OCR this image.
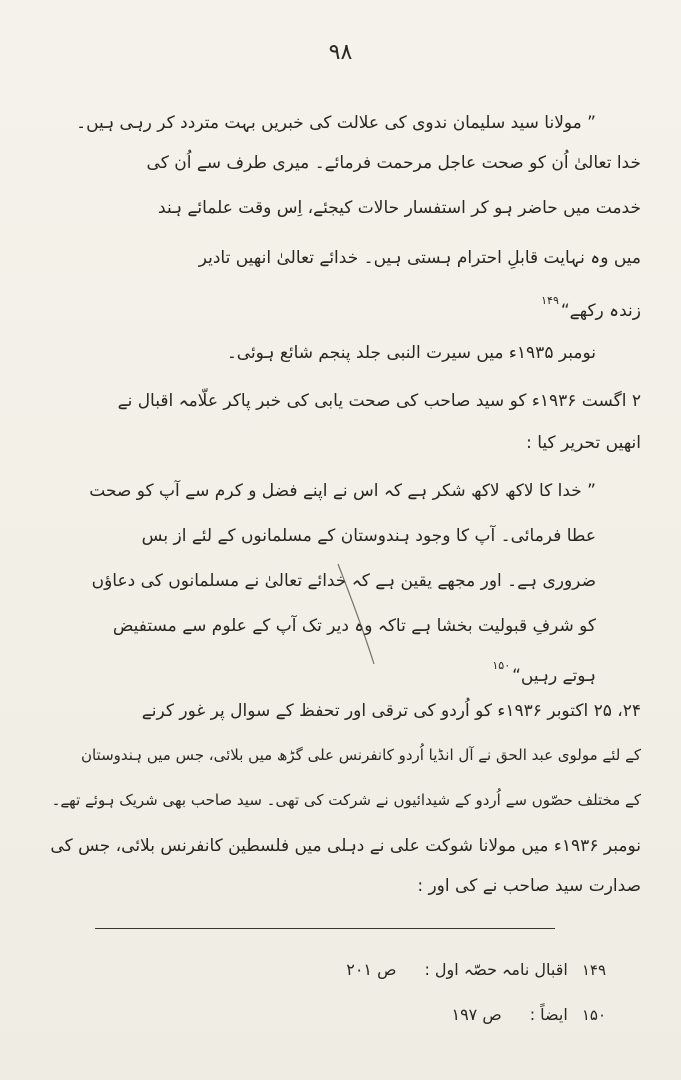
۹۸
” مولانا سید سلیمان ندوی کی علالت کی خبریں بہت متردد کر رہی ہیں۔
خدا تعالیٰ اُن کو صحت عاجل مرحمت فرمائے۔ میری طرف سے اُن کی
خدمت میں حاضر ہو کر استفسار حالات کیجئے، اِس وقت علمائے ہند
میں وہ نہایت قابلِ احترام ہستی ہیں۔ خدائے تعالیٰ انھیں تادیر
زندہ رکھے“$^{۱۴۹}$
نومبر ۱۹۳۵ء میں سیرت النبی جلد پنجم شائع ہوئی۔
۲ اگست ۱۹۳۶ء کو سید صاحب کی صحت یابی کی خبر پاکر علّامہ اقبال نے
انھیں تحریر کیا :
” خدا کا لاکھ لاکھ شکر ہے کہ اس نے اپنے فضل و کرم سے آپ کو صحت
عطا فرمائی۔ آپ کا وجود ہندوستان کے مسلمانوں کے لئے از بس
ضروری ہے۔ اور مجھے یقین ہے کہ خدائے تعالیٰ نے مسلمانوں کی دعاؤں
کو شرفِ قبولیت بخشا ہے تاکہ وہ دیر تک آپ کے علوم سے مستفیض
ہوتے رہیں“$^{۱۵۰}$
۲۴، ۲۵ اکتوبر ۱۹۳۶ء کو اُردو کی ترقی اور تحفظ کے سوال پر غور کرنے
کے لئے مولوی عبد الحق نے آل انڈیا اُردو کانفرنس علی گڑھ میں بلائی، جس میں ہندوستان
کے مختلف حصّوں سے اُردو کے شیدائیوں نے شرکت کی تھی۔ سید صاحب بھی شریک ہوئے تھے۔
نومبر ۱۹۳۶ء میں مولانا شوکت علی نے دہلی میں فلسطین کانفرنس بلائی، جس کی
صدارت سید صاحب نے کی اور :
۱۴۹اقبال نامہ حصّہ اول :ص ۲۰۱
۱۵۰ایضاً :ص ۱۹۷
